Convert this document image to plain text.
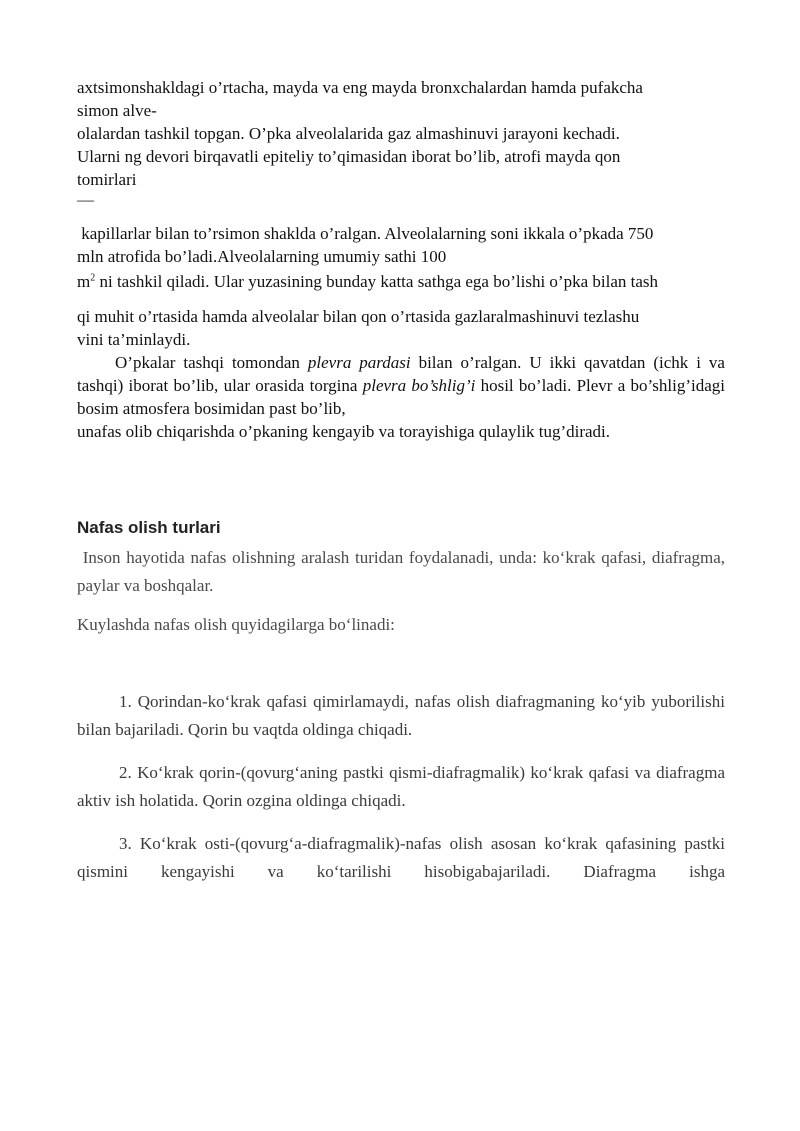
axtsimonshakldagi o’rtacha, mayda va eng mayda bronxchalardan hamda pufakcha
simon alve-
olalardan tashkil topgan. O’pka alveolalarida gaz almashinuvi jarayoni kechadi.
Ularni ng devori birqavatli epiteliy to’qimasidan iborat bo’lib, atrofi mayda qon
tomirlari
—
kapillarlar bilan to’rsimon shaklda o’ralgan. Alveolalarning soni ikkala o’pkada 750
mln atrofida bo’ladi.Alveolalarning umumiy sathi 100
$m^2$ ni tashkil qiladi. Ular yuzasining bunday katta sathga ega bo’lishi o’pka bilan tash
qi muhit o’rtasida hamda alveolalar bilan qon o’rtasida gazlaralmashinuvi tezlashu
vini ta’minlaydi.
O’pkalar tashqi tomondan plevra pardasi bilan o’ralgan. U ikki qavatdan (ichk i va tashqi) iborat bo’lib, ular orasida torgina plevra bo’shlig’i hosil bo’ladi. Plevr a bo’shlig’idagi bosim atmosfera bosimidan past bo’lib,
unafas olib chiqarishda o’pkaning kengayib va torayishiga qulaylik tug’diradi.
Nafas olish turlari
Inson hayotida nafas olishning aralash turidan foydalanadi, unda: koʻkrak qafasi, diafragma, paylar va boshqalar.
Kuylashda nafas olish quyidagilarga boʻlinadi:
1. Qorindan-koʻkrak qafasi qimirlamaydi, nafas olish diafragmaning koʻyib yuborilishi bilan bajariladi. Qorin bu vaqtda oldinga chiqadi.
2. Koʻkrak qorin-(qovurgʻaning pastki qismi-diafragmalik) koʻkrak qafasi va diafragma aktiv ish holatida. Qorin ozgina oldinga chiqadi.
3. Koʻkrak osti-(qovurgʻa-diafragmalik)-nafas olish asosan koʻkrak qafasining pastki qismini kengayishi va koʻtarilishi hisobigabajariladi. Diafragma ishga
